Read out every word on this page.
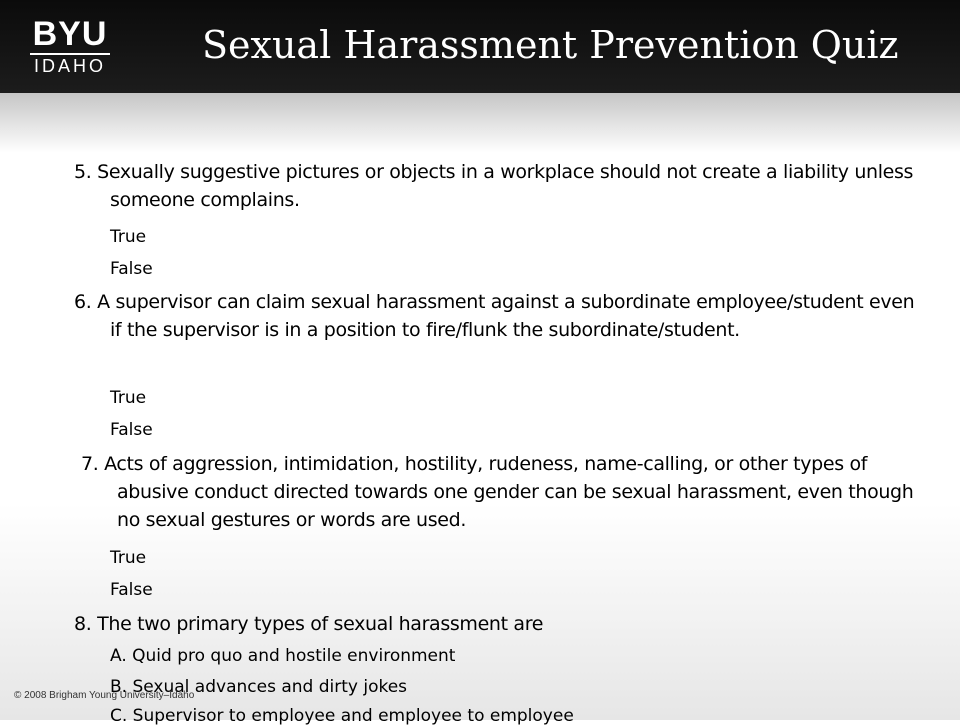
BYU
IDAHO	Sexual Harassment Prevention Quiz
5. Sexually suggestive pictures or objects in a workplace should not create a liability unless someone complains.
True
False
6. A supervisor can claim sexual harassment against a subordinate employee/student even if the supervisor is in a position to fire/flunk the subordinate/student.
True
False
7. Acts of aggression, intimidation, hostility, rudeness, name-calling, or other types of abusive conduct directed towards one gender can be sexual harassment, even though no sexual gestures or words are used.
True
False
8. The two primary types of sexual harassment are
A. Quid pro quo and hostile environment
B. Sexual advances and dirty jokes
C. Supervisor to employee and employee to employee
© 2008 Brigham Young University–Idaho
